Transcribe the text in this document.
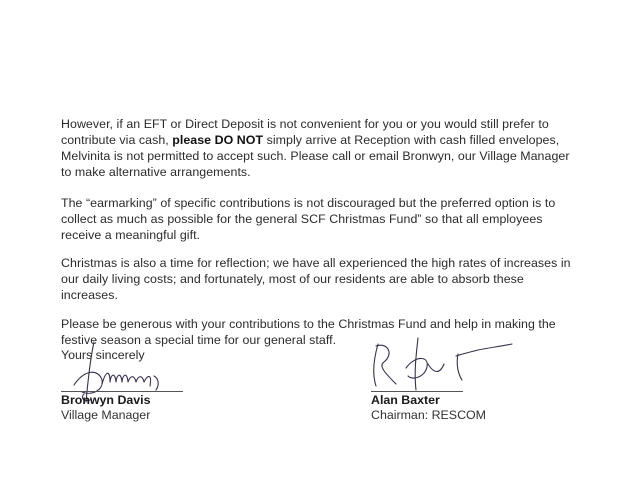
However, if an EFT or Direct Deposit is not convenient for you or you would still prefer to contribute via cash, please DO NOT simply arrive at Reception with cash filled envelopes, Melvinita is not permitted to accept such. Please call or email Bronwyn, our Village Manager to make alternative arrangements.

The “earmarking” of specific contributions is not discouraged but the preferred option is to collect as much as possible for the general SCF Christmas Fund” so that all employees receive a meaningful gift.

Christmas is also a time for reflection; we have all experienced the high rates of increases in our daily living costs; and fortunately, most of our residents are able to absorb these increases.

Please be generous with your contributions to the Christmas Fund and help in making the festive season a special time for our general staff.

Yours sincerely
Bronwyn Davis
Village Manager
Alan Baxter
Chairman: RESCOM
